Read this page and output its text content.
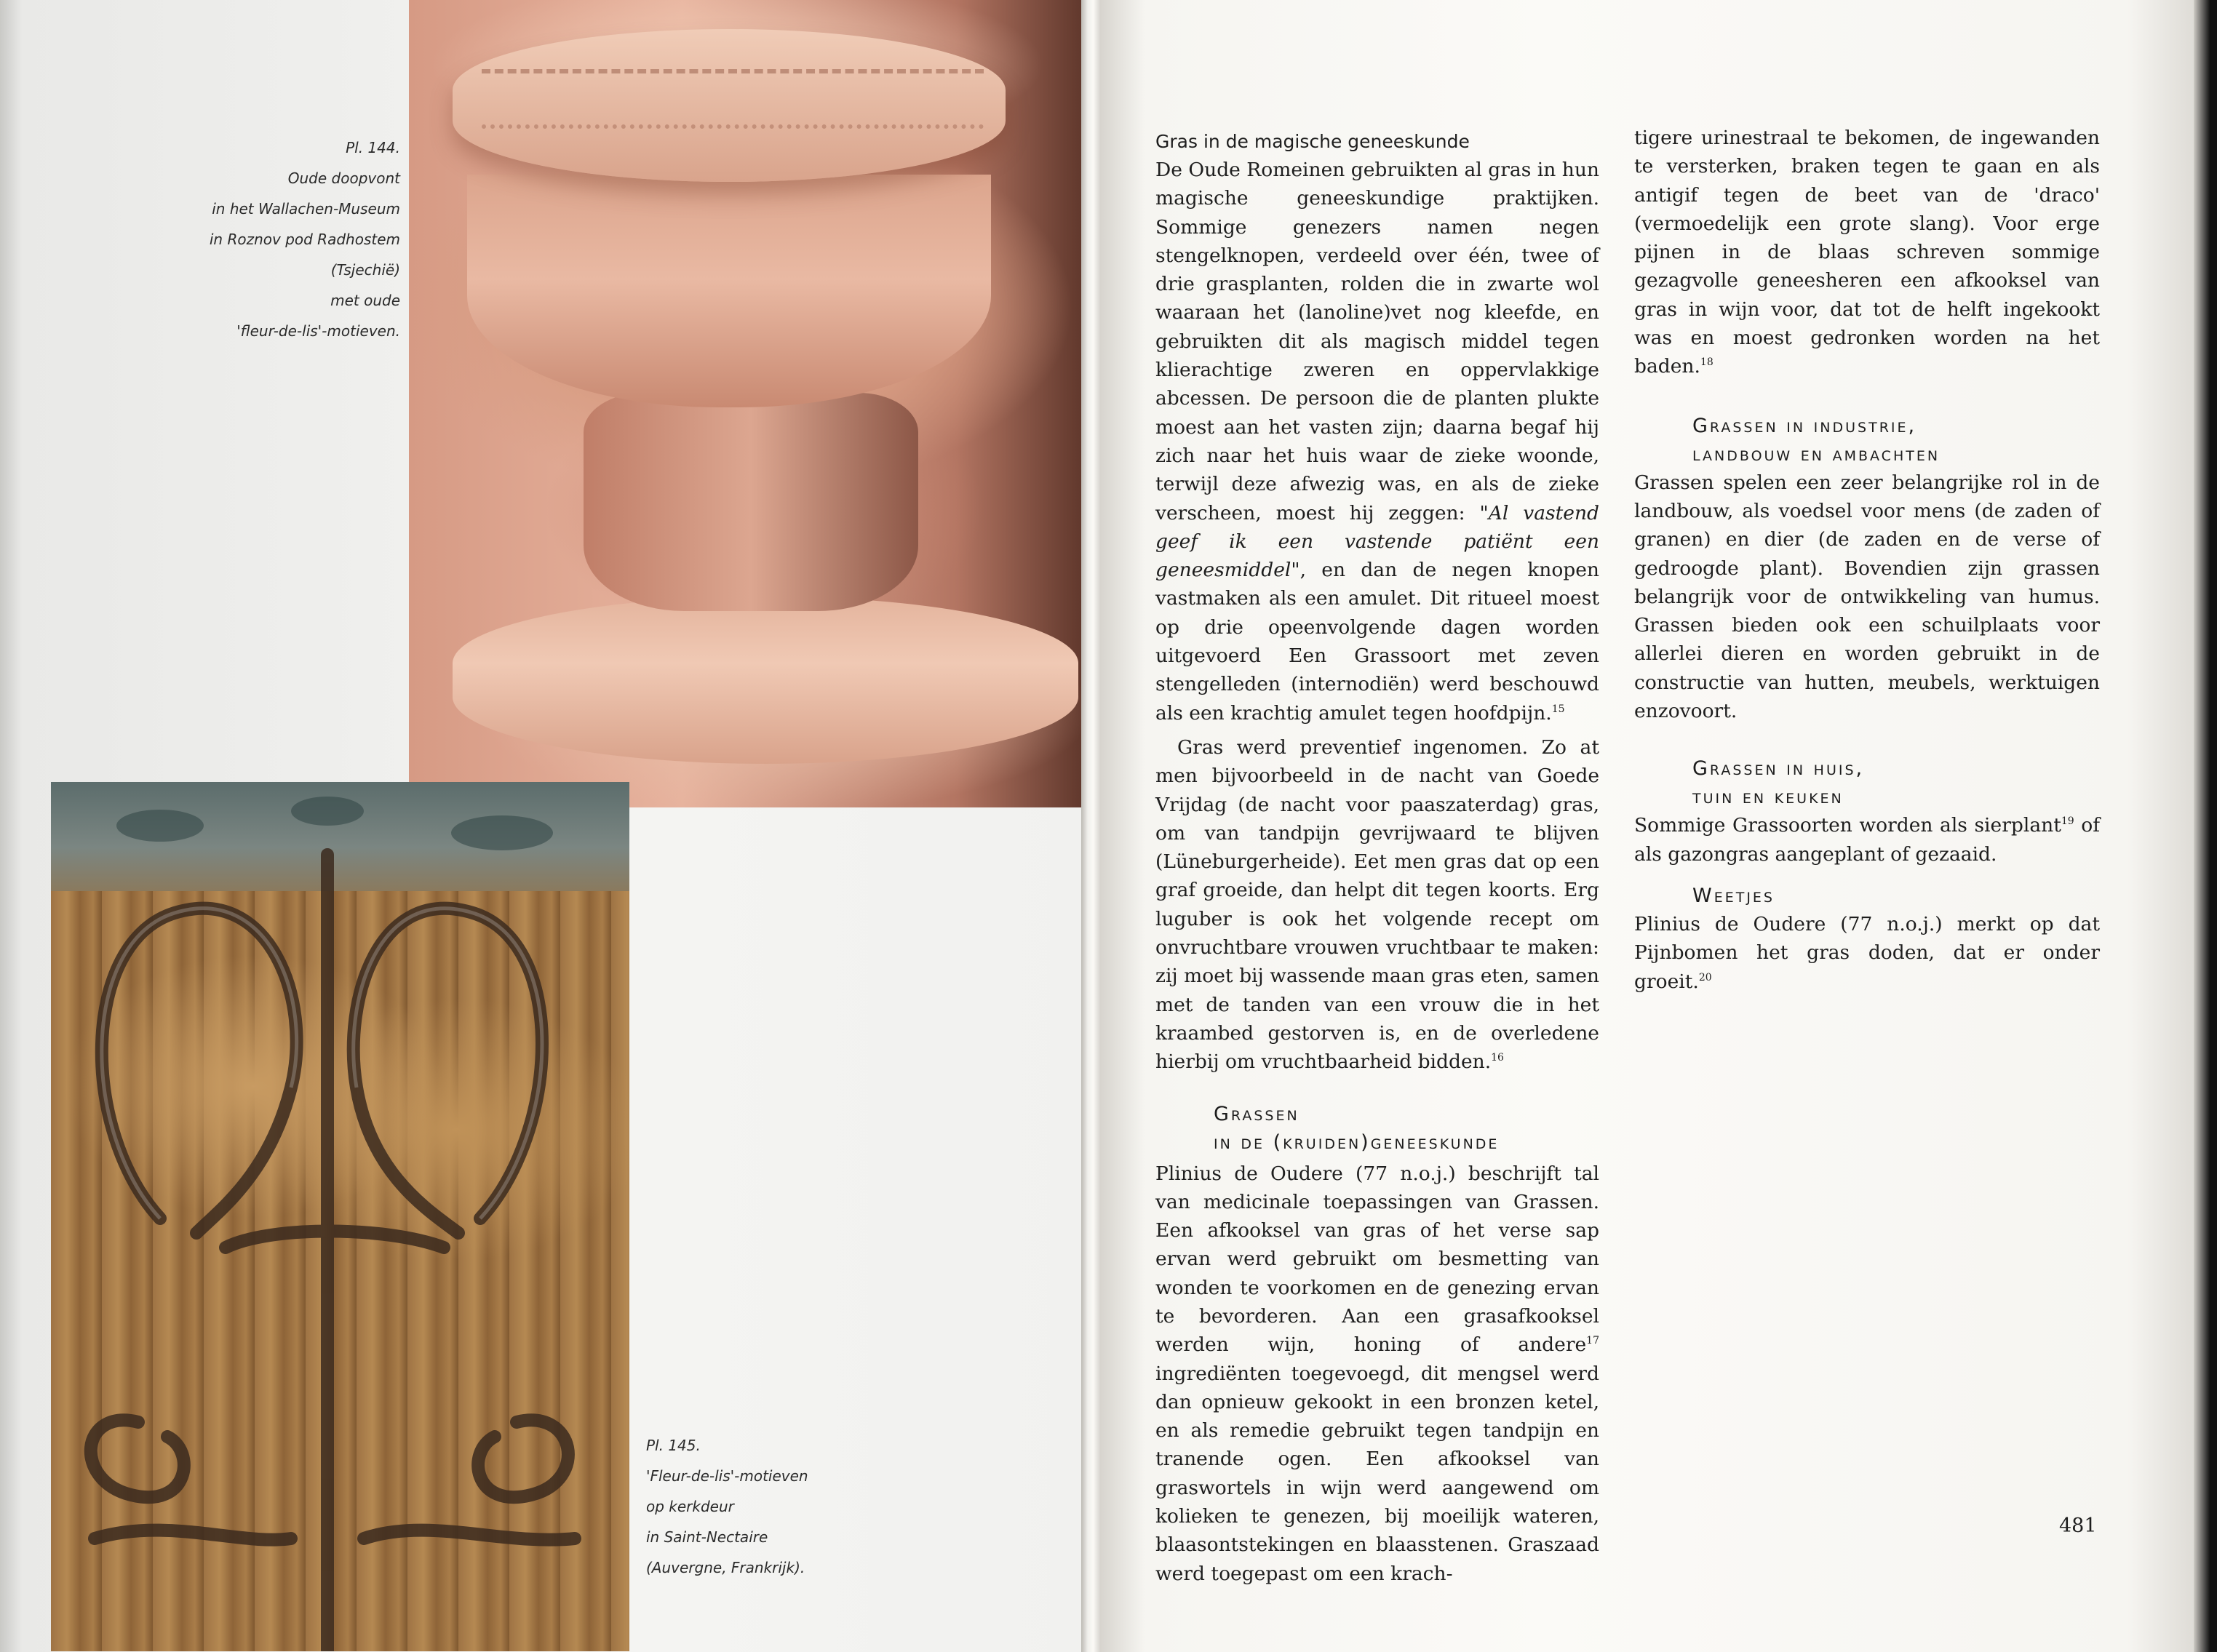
Pl. 144.
Oude doopvont
in het Wallachen-Museum
in Roznov pod Radhostem
(Tsjechië)
met oude
'fleur-de-lis'-motieven.
Pl. 145.
'Fleur-de-lis'-motieven
op kerkdeur
in Saint-Nectaire
(Auvergne, Frankrijk).

Gras in de magische geneeskunde

De Oude Romeinen gebruikten al gras in hun magische geneeskundige praktijken. Sommige genezers namen negen stengelknopen, verdeeld over één, twee of drie grasplanten, rolden die in zwarte wol waaraan het (lanoline)vet nog kleefde, en gebruikten dit als magisch middel tegen klierachtige zweren en oppervlakkige abcessen. De persoon die de planten plukte moest aan het vasten zijn; daarna begaf hij zich naar het huis waar de zieke woonde, terwijl deze afwezig was, en als de zieke verscheen, moest hij zeggen: "Al vastend geef ik een vastende patiënt een geneesmiddel", en dan de negen knopen vastmaken als een amulet. Dit ritueel moest op drie opeenvolgende dagen worden uitgevoerd Een Grassoort met zeven stengelleden (internodiën) werd beschouwd als een krachtig amulet tegen hoofdpijn.$^{15}$

Gras werd preventief ingenomen. Zo at men bijvoorbeeld in de nacht van Goede Vrijdag (de nacht voor paaszaterdag) gras, om van tandpijn gevrijwaard te blijven (Lüneburgerheide). Eet men gras dat op een graf groeide, dan helpt dit tegen koorts. Erg luguber is ook het volgende recept om onvruchtbare vrouwen vruchtbaar te maken: zij moet bij wassende maan gras eten, samen met de tanden van een vrouw die in het kraambed gestorven is, en de overledene hierbij om vruchtbaarheid bidden.$^{16}$

Grassen
in de (kruiden)geneeskunde

Plinius de Oudere (77 n.o.j.) beschrijft tal van medicinale toepassingen van Grassen. Een afkooksel van gras of het verse sap ervan werd gebruikt om besmetting van wonden te voorkomen en de genezing ervan te bevorderen. Aan een grasafkooksel werden wijn, honing of andere$^{17}$ ingrediënten toegevoegd, dit mengsel werd dan opnieuw gekookt in een bronzen ketel, en als remedie gebruikt tegen tandpijn en tranende ogen. Een afkooksel van graswortels in wijn werd aangewend om kolieken te genezen, bij moeilijk wateren, blaasontstekingen en blaasstenen. Graszaad werd toegepast om een krach-

tigere urinestraal te bekomen, de ingewanden te versterken, braken tegen te gaan en als antigif tegen de beet van de 'draco' (vermoedelijk een grote slang). Voor erge pijnen in de blaas schreven sommige gezagvolle geneesheren een afkooksel van gras in wijn voor, dat tot de helft ingekookt was en moest gedronken worden na het baden.$^{18}$

Grassen in industrie,
landbouw en ambachten

Grassen spelen een zeer belangrijke rol in de landbouw, als voedsel voor mens (de zaden of granen) en dier (de zaden en de verse of gedroogde plant). Bovendien zijn grassen belangrijk voor de ontwikkeling van humus. Grassen bieden ook een schuilplaats voor allerlei dieren en worden gebruikt in de constructie van hutten, meubels, werktuigen enzovoort.

Grassen in huis,
tuin en keuken

Sommige Grassoorten worden als sierplant$^{19}$ of als gazongras aangeplant of gezaaid.

Weetjes

Plinius de Oudere (77 n.o.j.) merkt op dat Pijnbomen het gras doden, dat er onder groeit.$^{20}$

481
